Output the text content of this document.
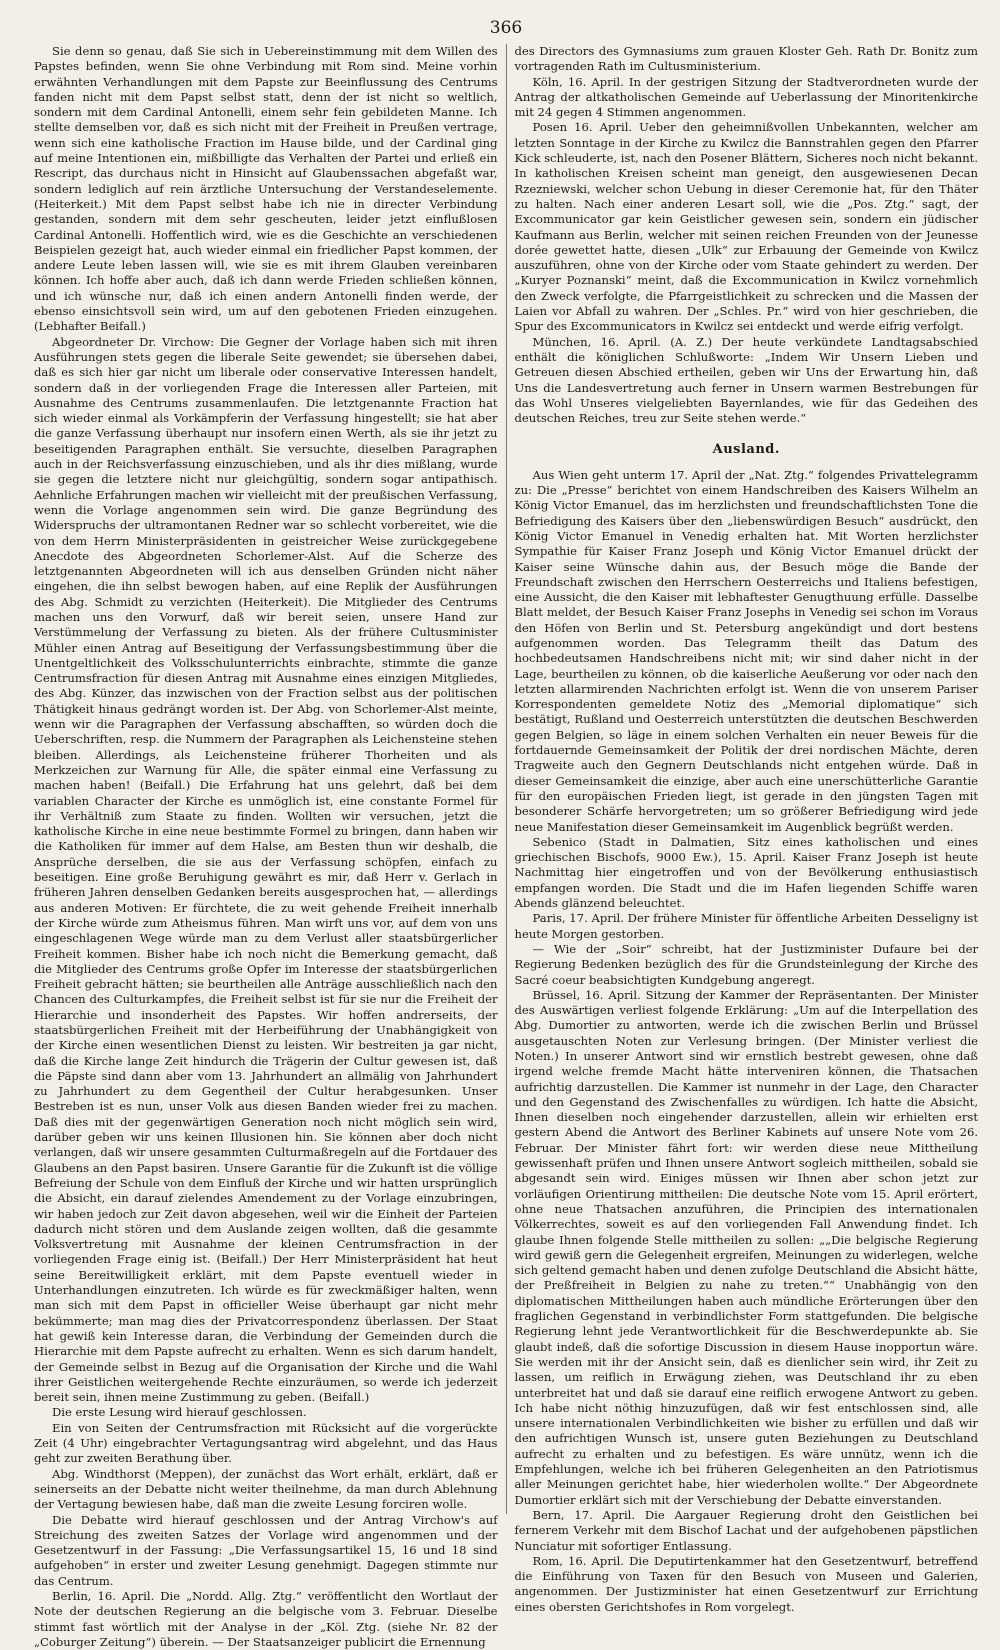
366

Sie denn so genau, daß Sie sich in Uebereinstimmung mit dem Willen des Papstes befinden, wenn Sie ohne Verbindung mit Rom sind. Meine vorhin erwähnten Verhandlungen mit dem Papste zur Beeinflussung des Centrums fanden nicht mit dem Papst selbst statt, denn der ist nicht so weltlich, sondern mit dem Cardinal Antonelli, einem sehr fein gebildeten Manne. Ich stellte demselben vor, daß es sich nicht mit der Freiheit in Preußen vertrage, wenn sich eine katholische Fraction im Hause bilde, und der Cardinal ging auf meine Intentionen ein, mißbilligte das Verhalten der Partei und erließ ein Rescript, das durchaus nicht in Hinsicht auf Glaubenssachen abgefaßt war, sondern lediglich auf rein ärztliche Untersuchung der Verstandeselemente. (Heiterkeit.) Mit dem Papst selbst habe ich nie in directer Verbindung gestanden, sondern mit dem sehr gescheuten, leider jetzt einflußlosen Cardinal Antonelli. Hoffentlich wird, wie es die Geschichte an verschiedenen Beispielen gezeigt hat, auch wieder einmal ein friedlicher Papst kommen, der andere Leute leben lassen will, wie sie es mit ihrem Glauben vereinbaren können. Ich hoffe aber auch, daß ich dann werde Frieden schließen können, und ich wünsche nur, daß ich einen andern Antonelli finden werde, der ebenso einsichtsvoll sein wird, um auf den gebotenen Frieden einzugehen. (Lebhafter Beifall.)

Abgeordneter Dr. Virchow: Die Gegner der Vorlage haben sich mit ihren Ausführungen stets gegen die liberale Seite gewendet; sie übersehen dabei, daß es sich hier gar nicht um liberale oder conservative Interessen handelt, sondern daß in der vorliegenden Frage die Interessen aller Parteien, mit Ausnahme des Centrums zusammenlaufen. Die letztgenannte Fraction hat sich wieder einmal als Vorkämpferin der Verfassung hingestellt; sie hat aber die ganze Verfassung überhaupt nur insofern einen Werth, als sie ihr jetzt zu beseitigenden Paragraphen enthält. Sie versuchte, dieselben Paragraphen auch in der Reichsverfassung einzuschieben, und als ihr dies mißlang, wurde sie gegen die letztere nicht nur gleichgültig, sondern sogar antipathisch. Aehnliche Erfahrungen machen wir vielleicht mit der preußischen Verfassung, wenn die Vorlage angenommen sein wird. Die ganze Begründung des Widerspruchs der ultramontanen Redner war so schlecht vorbereitet, wie die von dem Herrn Ministerpräsidenten in geistreicher Weise zurückgegebene Anecdote des Abgeordneten Schorlemer-Alst. Auf die Scherze des letztgenannten Abgeordneten will ich aus denselben Gründen nicht näher eingehen, die ihn selbst bewogen haben, auf eine Replik der Ausführungen des Abg. Schmidt zu verzichten (Heiterkeit). Die Mitglieder des Centrums machen uns den Vorwurf, daß wir bereit seien, unsere Hand zur Verstümmelung der Verfassung zu bieten. Als der frühere Cultusminister Mühler einen Antrag auf Beseitigung der Verfassungsbestimmung über die Unentgeltlichkeit des Volksschulunterrichts einbrachte, stimmte die ganze Centrumsfraction für diesen Antrag mit Ausnahme eines einzigen Mitgliedes, des Abg. Künzer, das inzwischen von der Fraction selbst aus der politischen Thätigkeit hinaus gedrängt worden ist. Der Abg. von Schorlemer-Alst meinte, wenn wir die Paragraphen der Verfassung abschafften, so würden doch die Ueberschriften, resp. die Nummern der Paragraphen als Leichensteine stehen bleiben. Allerdings, als Leichensteine früherer Thorheiten und als Merkzeichen zur Warnung für Alle, die später einmal eine Verfassung zu machen haben! (Beifall.) Die Erfahrung hat uns gelehrt, daß bei dem variablen Character der Kirche es unmöglich ist, eine constante Formel für ihr Verhältniß zum Staate zu finden. Wollten wir versuchen, jetzt die katholische Kirche in eine neue bestimmte Formel zu bringen, dann haben wir die Katholiken für immer auf dem Halse, am Besten thun wir deshalb, die Ansprüche derselben, die sie aus der Verfassung schöpfen, einfach zu beseitigen. Eine große Beruhigung gewährt es mir, daß Herr v. Gerlach in früheren Jahren denselben Gedanken bereits ausgesprochen hat, — allerdings aus anderen Motiven: Er fürchtete, die zu weit gehende Freiheit innerhalb der Kirche würde zum Atheismus führen. Man wirft uns vor, auf dem von uns eingeschlagenen Wege würde man zu dem Verlust aller staatsbürgerlicher Freiheit kommen. Bisher habe ich noch nicht die Bemerkung gemacht, daß die Mitglieder des Centrums große Opfer im Interesse der staatsbürgerlichen Freiheit gebracht hätten; sie beurtheilen alle Anträge ausschließlich nach den Chancen des Culturkampfes, die Freiheit selbst ist für sie nur die Freiheit der Hierarchie und insonderheit des Papstes. Wir hoffen andrerseits, der staatsbürgerlichen Freiheit mit der Herbeiführung der Unabhängigkeit von der Kirche einen wesentlichen Dienst zu leisten. Wir bestreiten ja gar nicht, daß die Kirche lange Zeit hindurch die Trägerin der Cultur gewesen ist, daß die Päpste sind dann aber vom 13. Jahrhundert an allmälig von Jahrhundert zu Jahrhundert zu dem Gegentheil der Cultur herabgesunken. Unser Bestreben ist es nun, unser Volk aus diesen Banden wieder frei zu machen. Daß dies mit der gegenwärtigen Generation noch nicht möglich sein wird, darüber geben wir uns keinen Illusionen hin. Sie können aber doch nicht verlangen, daß wir unsere gesammten Culturmaßregeln auf die Fortdauer des Glaubens an den Papst basiren. Unsere Garantie für die Zukunft ist die völlige Befreiung der Schule von dem Einfluß der Kirche und wir hatten ursprünglich die Absicht, ein darauf zielendes Amendement zu der Vorlage einzubringen, wir haben jedoch zur Zeit davon abgesehen, weil wir die Einheit der Parteien dadurch nicht stören und dem Auslande zeigen wollten, daß die gesammte Volksvertretung mit Ausnahme der kleinen Centrumsfraction in der vorliegenden Frage einig ist. (Beifall.) Der Herr Ministerpräsident hat heut seine Bereitwilligkeit erklärt, mit dem Papste eventuell wieder in Unterhandlungen einzutreten. Ich würde es für zweckmäßiger halten, wenn man sich mit dem Papst in officieller Weise überhaupt gar nicht mehr bekümmerte; man mag dies der Privatcorrespondenz überlassen. Der Staat hat gewiß kein Interesse daran, die Verbindung der Gemeinden durch die Hierarchie mit dem Papste aufrecht zu erhalten. Wenn es sich darum handelt, der Gemeinde selbst in Bezug auf die Organisation der Kirche und die Wahl ihrer Geistlichen weitergehende Rechte einzuräumen, so werde ich jederzeit bereit sein, ihnen meine Zustimmung zu geben. (Beifall.)

Die erste Lesung wird hierauf geschlossen.

Ein von Seiten der Centrumsfraction mit Rücksicht auf die vorgerückte Zeit (4 Uhr) eingebrachter Vertagungsantrag wird abgelehnt, und das Haus geht zur zweiten Berathung über.

Abg. Windthorst (Meppen), der zunächst das Wort erhält, erklärt, daß er seinerseits an der Debatte nicht weiter theilnehme, da man durch Ablehnung der Vertagung bewiesen habe, daß man die zweite Lesung forciren wolle.

Die Debatte wird hierauf geschlossen und der Antrag Virchow's auf Streichung des zweiten Satzes der Vorlage wird angenommen und der Gesetzentwurf in der Fassung: „Die Verfassungsartikel 15, 16 und 18 sind aufgehoben“ in erster und zweiter Lesung genehmigt. Dagegen stimmte nur das Centrum.

Berlin, 16. April. Die „Nordd. Allg. Ztg.“ veröffentlicht den Wortlaut der Note der deutschen Regierung an die belgische vom 3. Februar. Dieselbe stimmt fast wörtlich mit der Analyse in der „Köl. Ztg. (siehe Nr. 82 der „Coburger Zeitung“) überein. — Der Staatsanzeiger publicirt die Ernennung

des Directors des Gymnasiums zum grauen Kloster Geh. Rath Dr. Bonitz zum vortragenden Rath im Cultusministerium.

Köln, 16. April. In der gestrigen Sitzung der Stadtverordneten wurde der Antrag der altkatholischen Gemeinde auf Ueberlassung der Minoritenkirche mit 24 gegen 4 Stimmen angenommen.

Posen 16. April. Ueber den geheimnißvollen Unbekannten, welcher am letzten Sonntage in der Kirche zu Kwilcz die Bannstrahlen gegen den Pfarrer Kick schleuderte, ist, nach den Posener Blättern, Sicheres noch nicht bekannt. In katholischen Kreisen scheint man geneigt, den ausgewiesenen Decan Rzezniewski, welcher schon Uebung in dieser Ceremonie hat, für den Thäter zu halten. Nach einer anderen Lesart soll, wie die „Pos. Ztg.“ sagt, der Excommunicator gar kein Geistlicher gewesen sein, sondern ein jüdischer Kaufmann aus Berlin, welcher mit seinen reichen Freunden von der Jeunesse dorée gewettet hatte, diesen „Ulk“ zur Erbauung der Gemeinde von Kwilcz auszuführen, ohne von der Kirche oder vom Staate gehindert zu werden. Der „Kuryer Poznanski“ meint, daß die Excommunication in Kwilcz vornehmlich den Zweck verfolgte, die Pfarrgeistlichkeit zu schrecken und die Massen der Laien vor Abfall zu wahren. Der „Schles. Pr.“ wird von hier geschrieben, die Spur des Excommunicators in Kwilcz sei entdeckt und werde eifrig verfolgt.

München, 16. April. (A. Z.) Der heute verkündete Landtagsabschied enthält die königlichen Schlußworte: „Indem Wir Unsern Lieben und Getreuen diesen Abschied ertheilen, geben wir Uns der Erwartung hin, daß Uns die Landesvertretung auch ferner in Unsern warmen Bestrebungen für das Wohl Unseres vielgeliebten Bayernlandes, wie für das Gedeihen des deutschen Reiches, treu zur Seite stehen werde.“

Ausland.

Aus Wien geht unterm 17. April der „Nat. Ztg.“ folgendes Privattelegramm zu: Die „Presse“ berichtet von einem Handschreiben des Kaisers Wilhelm an König Victor Emanuel, das im herzlichsten und freundschaftlichsten Tone die Befriedigung des Kaisers über den „liebenswürdigen Besuch“ ausdrückt, den König Victor Emanuel in Venedig erhalten hat. Mit Worten herzlichster Sympathie für Kaiser Franz Joseph und König Victor Emanuel drückt der Kaiser seine Wünsche dahin aus, der Besuch möge die Bande der Freundschaft zwischen den Herrschern Oesterreichs und Italiens befestigen, eine Aussicht, die den Kaiser mit lebhaftester Genugthuung erfülle. Dasselbe Blatt meldet, der Besuch Kaiser Franz Josephs in Venedig sei schon im Voraus den Höfen von Berlin und St. Petersburg angekündigt und dort bestens aufgenommen worden. Das Telegramm theilt das Datum des hochbedeutsamen Handschreibens nicht mit; wir sind daher nicht in der Lage, beurtheilen zu können, ob die kaiserliche Aeußerung vor oder nach den letzten allarmirenden Nachrichten erfolgt ist. Wenn die von unserem Pariser Korrespondenten gemeldete Notiz des „Memorial diplomatique“ sich bestätigt, Rußland und Oesterreich unterstützten die deutschen Beschwerden gegen Belgien, so läge in einem solchen Verhalten ein neuer Beweis für die fortdauernde Gemeinsamkeit der Politik der drei nordischen Mächte, deren Tragweite auch den Gegnern Deutschlands nicht entgehen würde. Daß in dieser Gemeinsamkeit die einzige, aber auch eine unerschütterliche Garantie für den europäischen Frieden liegt, ist gerade in den jüngsten Tagen mit besonderer Schärfe hervorgetreten; um so größerer Befriedigung wird jede neue Manifestation dieser Gemeinsamkeit im Augenblick begrüßt werden.

Sebenico (Stadt in Dalmatien, Sitz eines katholischen und eines griechischen Bischofs, 9000 Ew.), 15. April. Kaiser Franz Joseph ist heute Nachmittag hier eingetroffen und von der Bevölkerung enthusiastisch empfangen worden. Die Stadt und die im Hafen liegenden Schiffe waren Abends glänzend beleuchtet.

Paris, 17. April. Der frühere Minister für öffentliche Arbeiten Desseligny ist heute Morgen gestorben.

— Wie der „Soir“ schreibt, hat der Justizminister Dufaure bei der Regierung Bedenken bezüglich des für die Grundsteinlegung der Kirche des Sacré coeur beabsichtigten Kundgebung angeregt.

Brüssel, 16. April. Sitzung der Kammer der Repräsentanten. Der Minister des Auswärtigen verliest folgende Erklärung: „Um auf die Interpellation des Abg. Dumortier zu antworten, werde ich die zwischen Berlin und Brüssel ausgetauschten Noten zur Verlesung bringen. (Der Minister verliest die Noten.) In unserer Antwort sind wir ernstlich bestrebt gewesen, ohne daß irgend welche fremde Macht hätte interveniren können, die Thatsachen aufrichtig darzustellen. Die Kammer ist nunmehr in der Lage, den Character und den Gegenstand des Zwischenfalles zu würdigen. Ich hatte die Absicht, Ihnen dieselben noch eingehender darzustellen, allein wir erhielten erst gestern Abend die Antwort des Berliner Kabinets auf unsere Note vom 26. Februar. Der Minister fährt fort: wir werden diese neue Mittheilung gewissenhaft prüfen und Ihnen unsere Antwort sogleich mittheilen, sobald sie abgesandt sein wird. Einiges müssen wir Ihnen aber schon jetzt zur vorläufigen Orientirung mittheilen: Die deutsche Note vom 15. April erörtert, ohne neue Thatsachen anzuführen, die Principien des internationalen Völkerrechtes, soweit es auf den vorliegenden Fall Anwendung findet. Ich glaube Ihnen folgende Stelle mittheilen zu sollen: „„Die belgische Regierung wird gewiß gern die Gelegenheit ergreifen, Meinungen zu widerlegen, welche sich geltend gemacht haben und denen zufolge Deutschland die Absicht hätte, der Preßfreiheit in Belgien zu nahe zu treten.““ Unabhängig von den diplomatischen Mittheilungen haben auch mündliche Erörterungen über den fraglichen Gegenstand in verbindlichster Form stattgefunden. Die belgische Regierung lehnt jede Verantwortlichkeit für die Beschwerdepunkte ab. Sie glaubt indeß, daß die sofortige Discussion in diesem Hause inopportun wäre. Sie werden mit ihr der Ansicht sein, daß es dienlicher sein wird, ihr Zeit zu lassen, um reiflich in Erwägung ziehen, was Deutschland ihr zu eben unterbreitet hat und daß sie darauf eine reiflich erwogene Antwort zu geben. Ich habe nicht nöthig hinzuzufügen, daß wir fest entschlossen sind, alle unsere internationalen Verbindlichkeiten wie bisher zu erfüllen und daß wir den aufrichtigen Wunsch ist, unsere guten Beziehungen zu Deutschland aufrecht zu erhalten und zu befestigen. Es wäre unnütz, wenn ich die Empfehlungen, welche ich bei früheren Gelegenheiten an den Patriotismus aller Meinungen gerichtet habe, hier wiederholen wollte.“ Der Abgeordnete Dumortier erklärt sich mit der Verschiebung der Debatte einverstanden.

Bern, 17. April. Die Aargauer Regierung droht den Geistlichen bei fernerem Verkehr mit dem Bischof Lachat und der aufgehobenen päpstlichen Nunciatur mit sofortiger Entlassung.

Rom, 16. April. Die Deputirtenkammer hat den Gesetzentwurf, betreffend die Einführung von Taxen für den Besuch von Museen und Galerien, angenommen. Der Justizminister hat einen Gesetzentwurf zur Errichtung eines obersten Gerichtshofes in Rom vorgelegt.
